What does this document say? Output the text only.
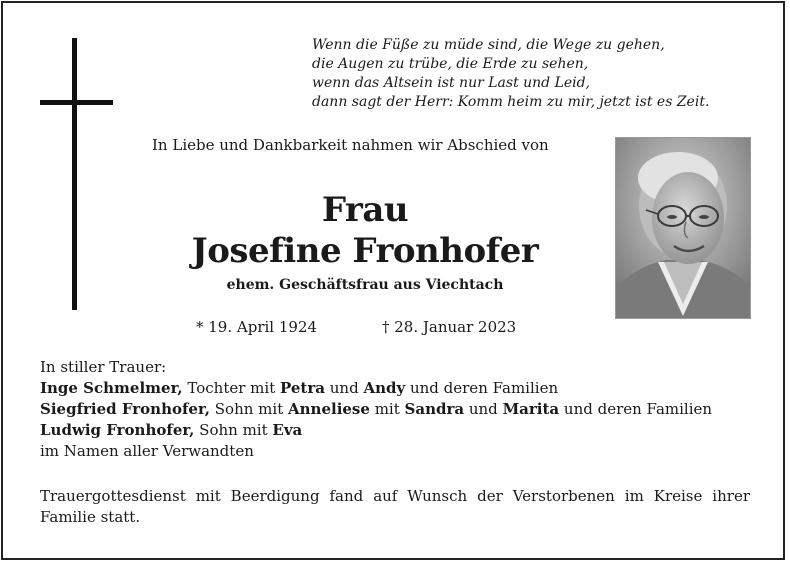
Wenn die Füße zu müde sind, die Wege zu gehen,
die Augen zu trübe, die Erde zu sehen,
wenn das Altsein ist nur Last und Leid,
dann sagt der Herr: Komm heim zu mir, jetzt ist es Zeit.
In Liebe und Dankbarkeit nahmen wir Abschied von
Frau
Josefine Fronhofer
ehem. Geschäftsfrau aus Viechtach
* 19. April 1924	† 28. Januar 2023
In stiller Trauer:
Inge Schmelmer, Tochter mit Petra und Andy und deren Familien
Siegfried Fronhofer, Sohn mit Anneliese mit Sandra und Marita und deren Familien
Ludwig Fronhofer, Sohn mit Eva
im Namen aller Verwandten
Trauergottesdienst mit Beerdigung fand auf Wunsch der Verstorbenen im Kreise ihrer Familie statt.
